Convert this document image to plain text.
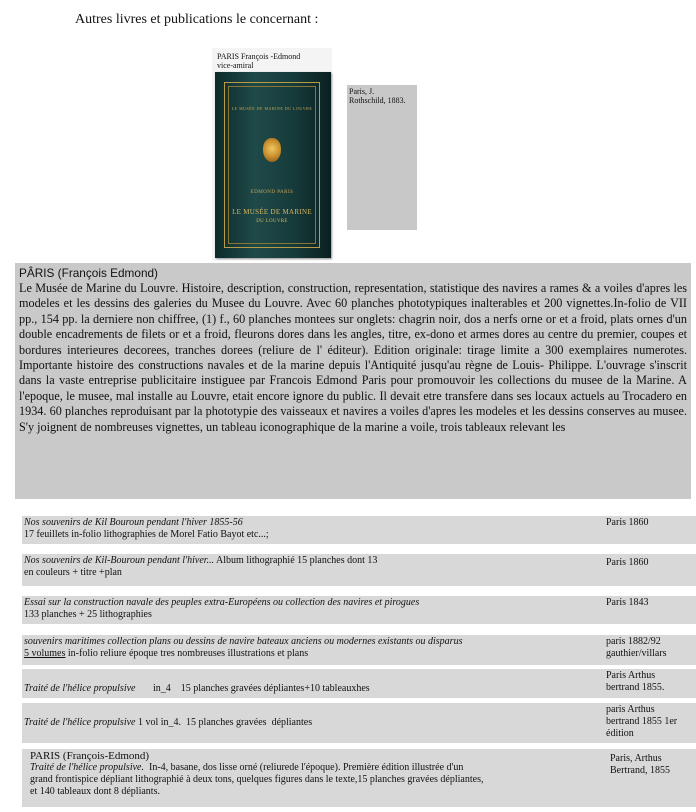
Autres livres et publications le concernant :
PARIS François -Edmond
vice-amiral
LE MUSÉE DE MARINE DU LOUVRE
EDMOND PARIS
LE MUSÉE DE MARINE
DU LOUVRE
Paris, J.
Rothschild, 1883.
PÂRIS (François Edmond)
Le Musée de Marine du Louvre. Histoire, description, construction, representation, statistique des navires a rames & a voiles d'apres les modeles et les dessins des galeries du Musee du Louvre. Avec 60 planches phototypiques inalterables et 200 vignettes.In-folio de VII pp., 154 pp. la derniere non chiffree, (1) f., 60 planches montees sur onglets: chagrin noir, dos a nerfs orne or et a froid, plats ornes d'un double encadrements de filets or et a froid, fleurons dores dans les angles, titre, ex-dono et armes dores au centre du premier, coupes et bordures interieures decorees, tranches dorees (reliure de l' éditeur). Edition originale: tirage limite a 300 exemplaires numerotes. Importante histoire des constructions navales et de la marine depuis l'Antiquité jusqu'au règne de Louis- Philippe. L'ouvrage s'inscrit dans la vaste entreprise publicitaire instiguee par Francois Edmond Paris pour promouvoir les collections du musee de la Marine. A l'epoque, le musee, mal installe au Louvre, etait encore ignore du public. Il devait etre transfere dans ses locaux actuels au Trocadero en 1934. 60 planches reproduisant par la phototypie des vaisseaux et navires a voiles d'apres les modeles et les dessins conserves au musee. S'y joignent de nombreuses vignettes, un tableau iconographique de la marine a voile, trois tableaux relevant les
Nos souvenirs de Kil Bouroun pendant l'hiver 1855-56
17 feuillets in-folio lithographies de Morel Fatio Bayot etc...;
Paris 1860
Nos souvenirs de Kil-Bouroun pendant l'hiver... Album lithographié 15 planches dont 13
en couleurs + titre +plan
Paris 1860
Essai sur la construction navale des peuples extra-Européens ou collection des navires et pirogues
133 planches + 25 lithographies
Paris 1843
souvenirs maritimes collection plans ou dessins de navire bateaux anciens ou modernes existants ou disparus
5 volumes in-folio reliure époque tres nombreuses illustrations et plans
paris 1882/92
gauthier/villars
Traité de l'hélice propulsive       in_4    15 planches gravées dépliantes+10 tableauxhes
Paris Arthus
bertrand 1855.
Traité de l'hélice propulsive 1 vol in_4.  15 planches gravées  dépliantes
paris Arthus
bertrand 1855 1er
édition
PARIS (François-Edmond)
Traité de l'hélice propulsive.  In-4, basane, dos lisse orné (reliurede l'époque). Première édition illustrée d'un
grand frontispice dépliant lithographié à deux tons, quelques figures dans le texte,15 planches gravées dépliantes,
et 140 tableaux dont 8 dépliants.
Paris, Arthus
Bertrand, 1855
